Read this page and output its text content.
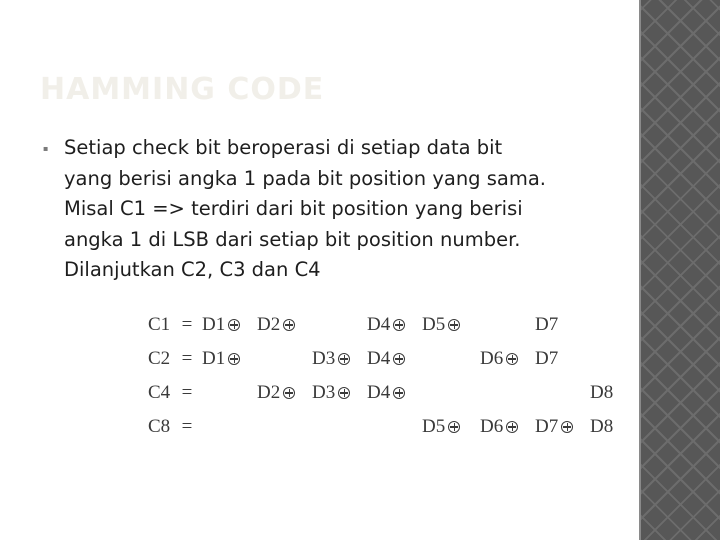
HAMMING CODE
▪ Setiap check bit beroperasi di setiap data bit
yang berisi angka 1 pada bit position yang sama.
Misal C1 => terdiri dari bit position yang berisi
angka 1 di LSB dari setiap bit position number.
Dilanjutkan C2, C3 dan C4
C1 = D1	D2	D4	D5	D7
C2 = D1	D3	D4	D6	D7
C4 =	D2	D3	D4	D8
C8 =	D5	D6	D7	D8
